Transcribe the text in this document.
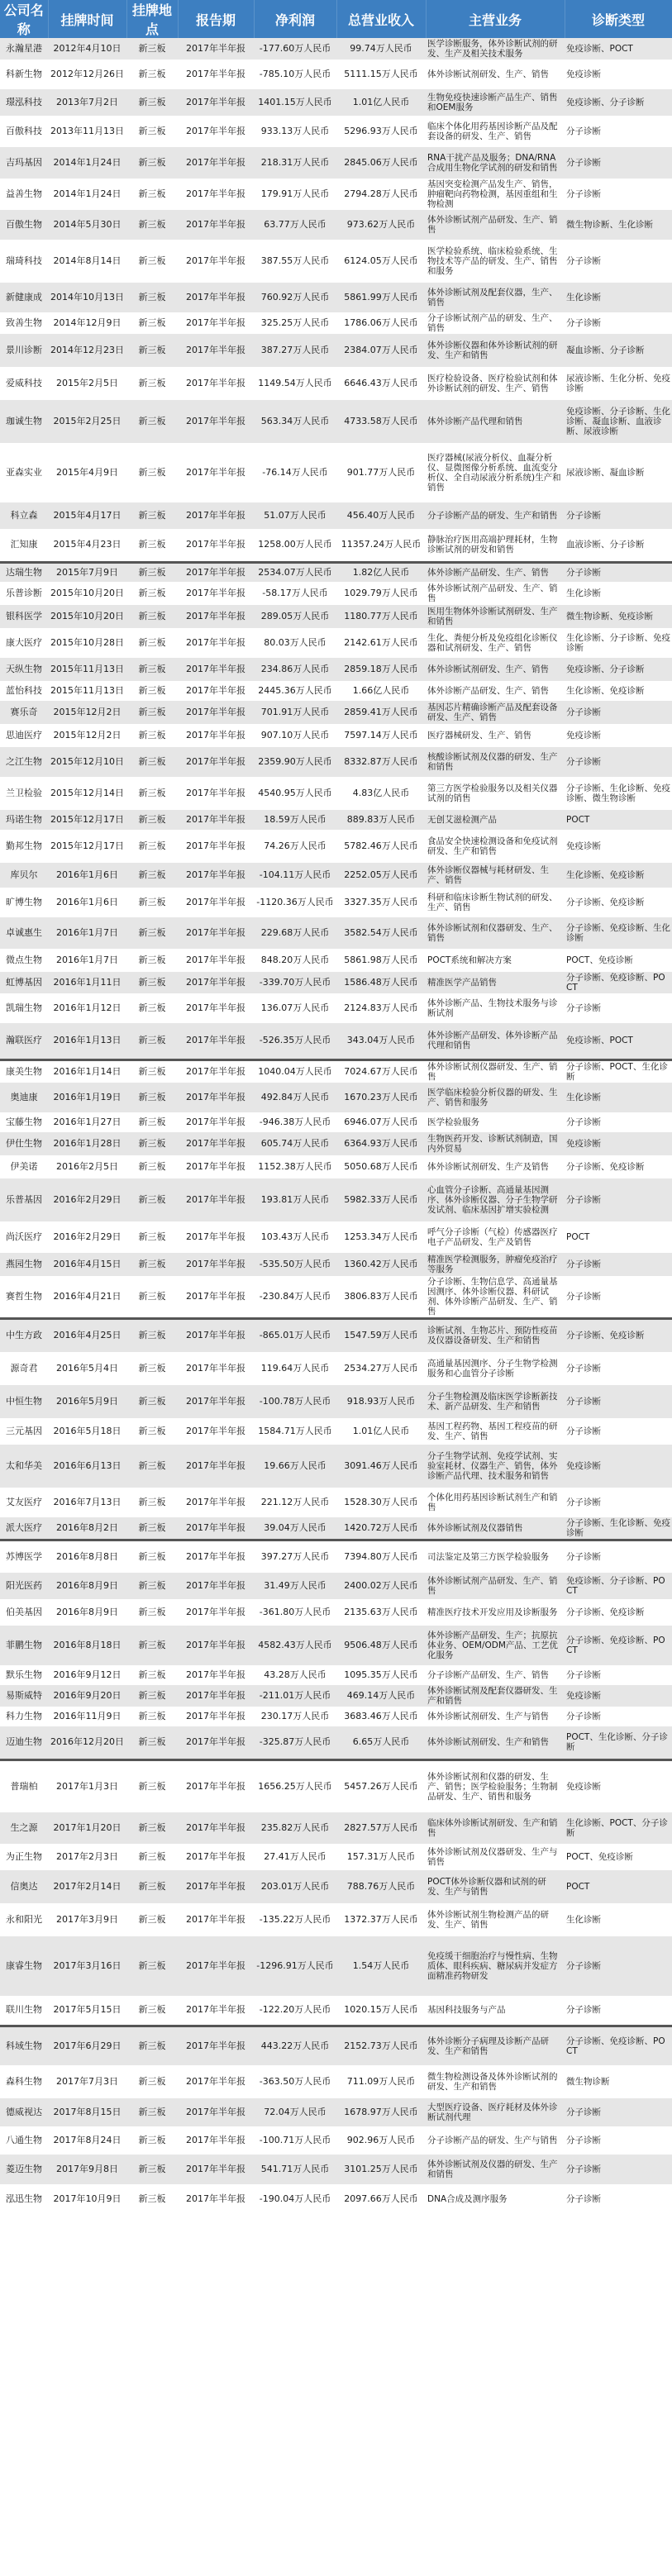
公司名称	挂牌时间	挂牌地点	报告期	净利润	总营业收入	主营业务	诊断类型
永瀚星港	2012年4月10日	新三板	2017年半年报	-177.60万人民币	99.74万人民币	医学诊断服务，体外诊断试剂的研发、生产及相关技术服务	免疫诊断、POCT
科新生物	2012年12月26日	新三板	2017年半年报	-785.10万人民币	5111.15万人民币	体外诊断试剂研发、生产、销售	免疫诊断
璟泓科技	2013年7月2日	新三板	2017年半年报	1401.15万人民币	1.01亿人民币	生物免疫快速诊断产品生产、销售和OEM服务	免疫诊断、分子诊断
百傲科技	2013年11月13日	新三板	2017年半年报	933.13万人民币	5296.93万人民币	临床个体化用药基因诊断产品及配套设备的研发、生产、销售	分子诊断
吉玛基因	2014年1月24日	新三板	2017年半年报	218.31万人民币	2845.06万人民币	RNA干扰产品及服务；DNA/RNA合成用生物化学试剂的研发和销售	分子诊断
益善生物	2014年1月24日	新三板	2017年半年报	179.91万人民币	2794.28万人民币	基因突变检测产品发生产、销售，肿瘤靶向药物检测，基因重组和生物检测	分子诊断
百傲生物	2014年5月30日	新三板	2017年半年报	63.77万人民币	973.62万人民币	体外诊断试剂产品研发、生产、销售	微生物诊断、生化诊断
瑞琦科技	2014年8月14日	新三板	2017年半年报	387.55万人民币	6124.05万人民币	医学检验系统、临床检验系统、生物技术等产品的研发、生产、销售和服务	分子诊断
新健康成	2014年10月13日	新三板	2017年半年报	760.92万人民币	5861.99万人民币	体外诊断试剂及配套仪器，生产、销售	生化诊断
致善生物	2014年12月9日	新三板	2017年半年报	325.25万人民币	1786.06万人民币	分子诊断试剂产品的研发、生产、销售	分子诊断
景川诊断	2014年12月23日	新三板	2017年半年报	387.27万人民币	2384.07万人民币	体外诊断仪器和体外诊断试剂的研发、生产和销售	凝血诊断、分子诊断
爱威科技	2015年2月5日	新三板	2017年半年报	1149.54万人民币	6646.43万人民币	医疗检验设备、医疗检验试剂和体外诊断试剂的研发、生产、销售	尿液诊断、生化分析、免疫诊断
珈诚生物	2015年2月25日	新三板	2017年半年报	563.34万人民币	4733.58万人民币	体外诊断产品代理和销售	免疫诊断、分子诊断、生化诊断、凝血诊断、血液诊断、尿液诊断
亚森实业	2015年4月9日	新三板	2017年半年报	-76.14万人民币	901.77万人民币	医疗器械(尿液分析仪、血凝分析仪、显微图像分析系统、血流变分析仪、全自动尿液分析系统)生产和销售	尿液诊断、凝血诊断
科立森	2015年4月17日	新三板	2017年半年报	51.07万人民币	456.40万人民币	分子诊断产品的研发、生产和销售	分子诊断
汇知康	2015年4月23日	新三板	2017年半年报	1258.00万人民币	11357.24万人民币	静脉治疗医用高端护理耗材，生物诊断试剂的研发和销售	血液诊断、分子诊断
达瑞生物	2015年7月9日	新三板	2017年半年报	2534.07万人民币	1.82亿人民币	体外诊断产品研发、生产、销售	分子诊断
乐普诊断	2015年10月20日	新三板	2017年半年报	-58.17万人民币	1029.79万人民币	体外诊断试剂产品研发、生产、销售	生化诊断
银科医学	2015年10月20日	新三板	2017年半年报	289.05万人民币	1180.77万人民币	医用生物体外诊断试剂研发、生产和销售	微生物诊断、免疫诊断
康大医疗	2015年10月28日	新三板	2017年半年报	80.03万人民币	2142.61万人民币	生化、粪便分析及免疫组化诊断仪器和试剂研发、生产、销售	生化诊断、分子诊断、免疫诊断
天纵生物	2015年11月13日	新三板	2017年半年报	234.86万人民币	2859.18万人民币	体外诊断试剂研发、生产、销售	免疫诊断、分子诊断
蓝怡科技	2015年11月13日	新三板	2017年半年报	2445.36万人民币	1.66亿人民币	体外诊断产品研发、生产、销售	生化诊断、免疫诊断
赛乐奇	2015年12月2日	新三板	2017年半年报	701.91万人民币	2859.41万人民币	基因芯片精确诊断产品及配套设备研发、生产、销售	分子诊断
思迪医疗	2015年12月2日	新三板	2017年半年报	907.10万人民币	7597.14万人民币	医疗器械研发、生产、销售	免疫诊断
之江生物	2015年12月10日	新三板	2017年半年报	2359.90万人民币	8332.87万人民币	核酸诊断试剂及仪器的研发、生产和销售	分子诊断
兰卫检验	2015年12月14日	新三板	2017年半年报	4540.95万人民币	4.83亿人民币	第三方医学检验服务以及相关仪器试剂的销售	分子诊断、生化诊断、免疫诊断、微生物诊断
玛诺生物	2015年12月17日	新三板	2017年半年报	18.59万人民币	889.83万人民币	无创艾滋检测产品	POCT
勤邦生物	2015年12月17日	新三板	2017年半年报	74.26万人民币	5782.46万人民币	食品安全快速检测设备和免疫试剂研发、生产和销售	免疫诊断
库贝尔	2016年1月6日	新三板	2017年半年报	-104.11万人民币	2252.05万人民币	体外诊断仪器械与耗材研发、生产、销售	生化诊断、免疫诊断
旷博生物	2016年1月6日	新三板	2017年半年报	-1120.36万人民币	3327.35万人民币	科研和临床诊断生物试剂的研发、生产、销售	分子诊断、免疫诊断
卓诚惠生	2016年1月7日	新三板	2017年半年报	229.68万人民币	3582.54万人民币	体外诊断试剂和仪器研发、生产、销售	分子诊断、免疫诊断、生化诊断
微点生物	2016年1月7日	新三板	2017年半年报	848.20万人民币	5861.98万人民币	POCT系统和解决方案	POCT、免疫诊断
虹博基因	2016年1月11日	新三板	2017年半年报	-339.70万人民币	1586.48万人民币	精准医学产品销售	分子诊断、免疫诊断、POCT
凯瑞生物	2016年1月12日	新三板	2017年半年报	136.07万人民币	2124.83万人民币	体外诊断产品、生物技术服务与诊断试剂	分子诊断
瀚联医疗	2016年1月13日	新三板	2017年半年报	-526.35万人民币	343.04万人民币	体外诊断产品研发、体外诊断产品代理和销售	免疫诊断、POCT
康美生物	2016年1月14日	新三板	2017年半年报	1040.04万人民币	7024.67万人民币	体外诊断试剂仪器研发、生产、销售	分子诊断、POCT、生化诊断
奥迪康	2016年1月19日	新三板	2017年半年报	492.84万人民币	1670.23万人民币	医学临床检验分析仪器的研发、生产、销售和服务	生化诊断
宝藤生物	2016年1月27日	新三板	2017年半年报	-946.38万人民币	6946.07万人民币	医学检验服务	分子诊断
伊仕生物	2016年1月28日	新三板	2017年半年报	605.74万人民币	6364.93万人民币	生物医药开发、诊断试剂制造，国内外贸易	免疫诊断
伊美诺	2016年2月5日	新三板	2017年半年报	1152.38万人民币	5050.68万人民币	体外诊断试剂研发、生产及销售	分子诊断、免疫诊断
乐普基因	2016年2月29日	新三板	2017年半年报	193.81万人民币	5982.33万人民币	心血管分子诊断、高通量基因测序、体外诊断仪器、分子生物学研发试剂、临床基因扩增实验检测	分子诊断
尚沃医疗	2016年2月29日	新三板	2017年半年报	103.43万人民币	1253.34万人民币	呼气分子诊断（气检）传感器医疗电子产品研发、生产及销售	POCT
燕园生物	2016年4月15日	新三板	2017年半年报	-535.50万人民币	1360.42万人民币	精准医学检测服务，肿瘤免疫治疗等服务	分子诊断
赛哲生物	2016年4月21日	新三板	2017年半年报	-230.84万人民币	3806.83万人民币	分子诊断、生物信息学、高通量基因测序、体外诊断仪器、科研试剂、体外诊断产品研发、生产、销售	分子诊断
中生方政	2016年4月25日	新三板	2017年半年报	-865.01万人民币	1547.59万人民币	诊断试剂、生物芯片、预防性疫苗及仪器设备研发、生产和销售	分子诊断、免疫诊断
源奇君	2016年5月4日	新三板	2017年半年报	119.64万人民币	2534.27万人民币	高通量基因测序、分子生物学检测服务和心血管分子诊断	分子诊断
中恒生物	2016年5月9日	新三板	2017年半年报	-100.78万人民币	918.93万人民币	分子生物检测及临床医学诊断新技术、新产品研发、生产和销售	分子诊断
三元基因	2016年5月18日	新三板	2017年半年报	1584.71万人民币	1.01亿人民币	基因工程药物、基因工程疫苗的研发、生产、销售	分子诊断
太和华美	2016年6月13日	新三板	2017年半年报	19.66万人民币	3091.46万人民币	分子生物学试剂、免疫学试剂、实验室耗材、仪器生产、销售，体外诊断产品代理、技术服务和销售	免疫诊断
艾友医疗	2016年7月13日	新三板	2017年半年报	221.12万人民币	1528.30万人民币	个体化用药基因诊断试剂生产和销售	分子诊断
派大医疗	2016年8月2日	新三板	2017年半年报	39.04万人民币	1420.72万人民币	体外诊断试剂及仪器销售	分子诊断、生化诊断、免疫诊断
苏博医学	2016年8月8日	新三板	2017年半年报	397.27万人民币	7394.80万人民币	司法鉴定及第三方医学检验服务	分子诊断
阳光医药	2016年8月9日	新三板	2017年半年报	31.49万人民币	2400.02万人民币	体外诊断试剂产品研发、生产、销售	免疫诊断、分子诊断、POCT
伯美基因	2016年8月9日	新三板	2017年半年报	-361.80万人民币	2135.63万人民币	精准医疗技术开发应用及诊断服务	分子诊断、免疫诊断
菲鹏生物	2016年8月18日	新三板	2017年半年报	4582.43万人民币	9506.48万人民币	体外诊断产品研发、生产；抗原抗体业务、OEM/ODM产品、工艺优化服务	分子诊断、免疫诊断、POCT
默乐生物	2016年9月12日	新三板	2017年半年报	43.28万人民币	1095.35万人民币	分子诊断产品研发、生产、销售	分子诊断
易斯威特	2016年9月20日	新三板	2017年半年报	-211.01万人民币	469.14万人民币	体外诊断试剂及配套仪器研发、生产和销售	免疫诊断
科力生物	2016年11月9日	新三板	2017年半年报	230.17万人民币	3683.46万人民币	体外诊断试剂研发、生产与销售	分子诊断
迈迪生物	2016年12月20日	新三板	2017年半年报	-325.87万人民币	6.65万人民币	体外诊断试剂研发、生产和销售	POCT、生化诊断、分子诊断
普瑞柏	2017年1月3日	新三板	2017年半年报	1656.25万人民币	5457.26万人民币	体外诊断试剂和仪器的研发、生产、销售；医学检验服务；生物制品研发、生产、销售和服务	免疫诊断
生之源	2017年1月20日	新三板	2017年半年报	235.82万人民币	2827.57万人民币	临床体外诊断试剂研发、生产和销售	生化诊断、POCT、分子诊断
为正生物	2017年2月3日	新三板	2017年半年报	27.41万人民币	157.31万人民币	体外诊断试剂及仪器研发、生产与销售	POCT、免疫诊断
信奥达	2017年2月14日	新三板	2017年半年报	203.01万人民币	788.76万人民币	POCT体外诊断仪器和试剂的研发、生产与销售	POCT
永和阳光	2017年3月9日	新三板	2017年半年报	-135.22万人民币	1372.37万人民币	体外诊断试剂生物检测产品的研发、生产、销售	生化诊断
康睿生物	2017年3月16日	新三板	2017年半年报	-1296.91万人民币	1.54万人民币	免疫缓干细胞治疗与慢性病、生物质体、眼科疾病、糖尿病并发症方面精准药物研发	分子诊断
联川生物	2017年5月15日	新三板	2017年半年报	-122.20万人民币	1020.15万人民币	基因科技服务与产品	分子诊断
科域生物	2017年6月29日	新三板	2017年半年报	443.22万人民币	2152.73万人民币	体外诊断分子病理及诊断产品研发、生产和销售	分子诊断、免疫诊断、POCT
森科生物	2017年7月3日	新三板	2017年半年报	-363.50万人民币	711.09万人民币	微生物检测设备及体外诊断试剂的研发、生产和销售	微生物诊断
德威视达	2017年8月15日	新三板	2017年半年报	72.04万人民币	1678.97万人民币	大型医疗设备、医疗耗材及体外诊断试剂代理	分子诊断
八通生物	2017年8月24日	新三板	2017年半年报	-100.71万人民币	902.96万人民币	分子诊断产品的研发、生产与销售	分子诊断
菱迈生物	2017年9月8日	新三板	2017年半年报	541.71万人民币	3101.25万人民币	体外诊断试剂及仪器的研发、生产和销售	分子诊断
泓迅生物	2017年10月9日	新三板	2017年半年报	-190.04万人民币	2097.66万人民币	DNA合成及测序服务	分子诊断
